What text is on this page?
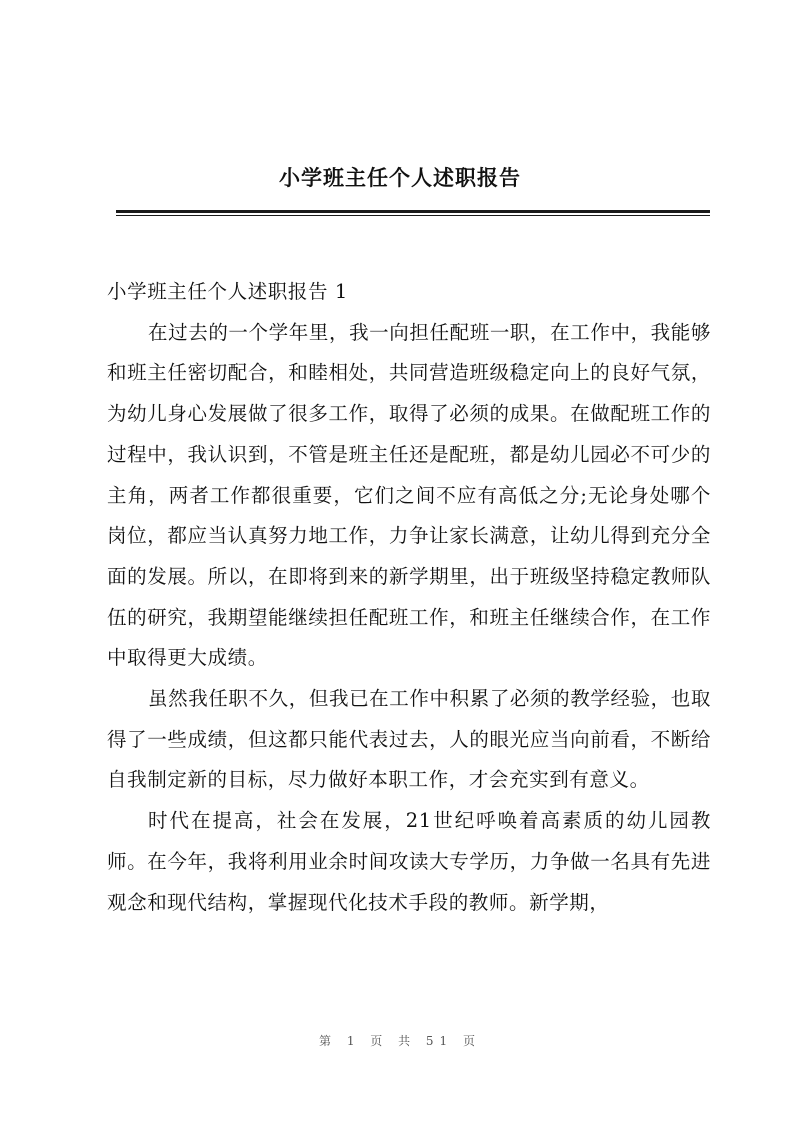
小学班主任个人述职报告

小学班主任个人述职报告 1

在过去的一个学年里，我一向担任配班一职，在工作中，我能够和班主任密切配合，和睦相处，共同营造班级稳定向上的良好气氛，为幼儿身心发展做了很多工作，取得了必须的成果。在做配班工作的过程中，我认识到，不管是班主任还是配班，都是幼儿园必不可少的主角，两者工作都很重要，它们之间不应有高低之分;无论身处哪个岗位，都应当认真努力地工作，力争让家长满意，让幼儿得到充分全面的发展。所以，在即将到来的新学期里，出于班级坚持稳定教师队伍的研究，我期望能继续担任配班工作，和班主任继续合作，在工作中取得更大成绩。

虽然我任职不久，但我已在工作中积累了必须的教学经验，也取得了一些成绩，但这都只能代表过去，人的眼光应当向前看，不断给自我制定新的目标，尽力做好本职工作，才会充实到有意义。

时代在提高，社会在发展，21世纪呼唤着高素质的幼儿园教师。在今年，我将利用业余时间攻读大专学历，力争做一名具有先进观念和现代结构，掌握现代化技术手段的教师。新学期，

第 1 页 共 51 页
